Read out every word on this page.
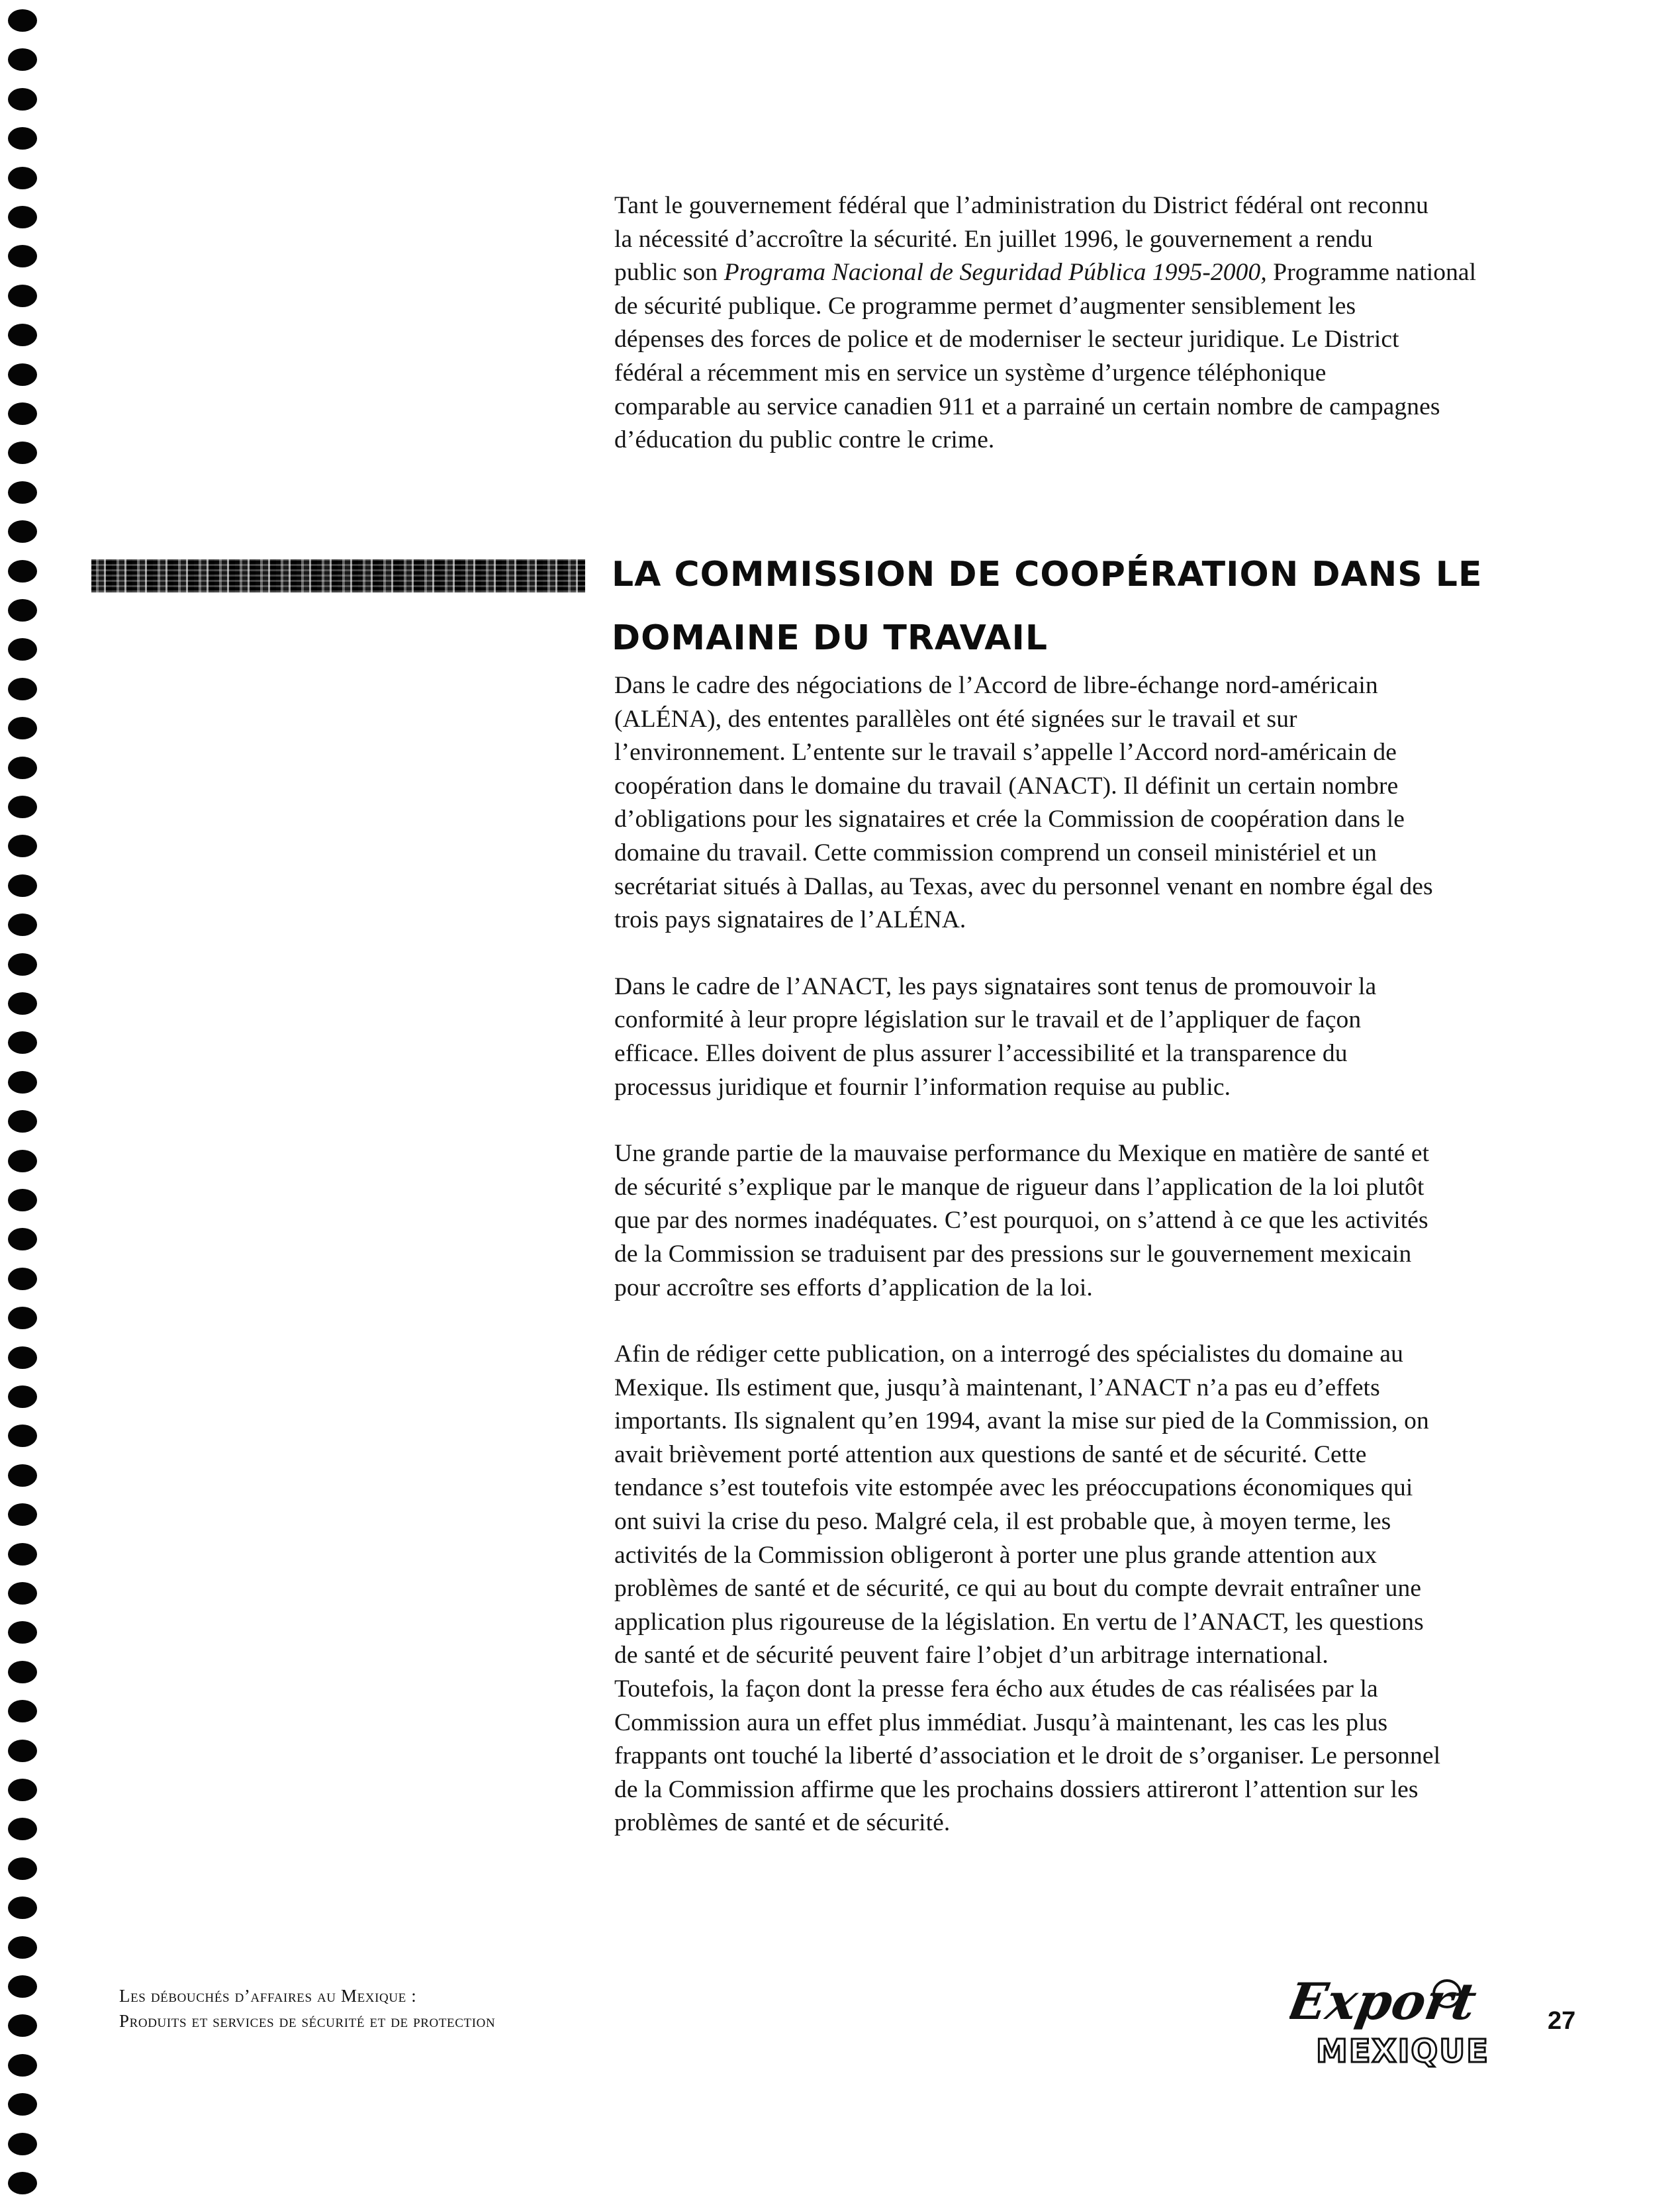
Tant le gouvernement fédéral que l’administration du District fédéral ont reconnu
la nécessité d’accroître la sécurité. En juillet 1996, le gouvernement a rendu
public son Programa Nacional de Seguridad Pública 1995-2000, Programme national
de sécurité publique. Ce programme permet d’augmenter sensiblement les
dépenses des forces de police et de moderniser le secteur juridique. Le District
fédéral a récemment mis en service un système d’urgence téléphonique
comparable au service canadien 911 et a parrainé un certain nombre de campagnes
d’éducation du public contre le crime.

LA COMMISSION DE COOPÉRATION DANS LE
DOMAINE DU TRAVAIL

Dans le cadre des négociations de l’Accord de libre-échange nord-américain
(ALÉNA), des ententes parallèles ont été signées sur le travail et sur
l’environnement. L’entente sur le travail s’appelle l’Accord nord-américain de
coopération dans le domaine du travail (ANACT). Il définit un certain nombre
d’obligations pour les signataires et crée la Commission de coopération dans le
domaine du travail. Cette commission comprend un conseil ministériel et un
secrétariat situés à Dallas, au Texas, avec du personnel venant en nombre égal des
trois pays signataires de l’ALÉNA.

Dans le cadre de l’ANACT, les pays signataires sont tenus de promouvoir la
conformité à leur propre législation sur le travail et de l’appliquer de façon
efficace. Elles doivent de plus assurer l’accessibilité et la transparence du
processus juridique et fournir l’information requise au public.

Une grande partie de la mauvaise performance du Mexique en matière de santé et
de sécurité s’explique par le manque de rigueur dans l’application de la loi plutôt
que par des normes inadéquates. C’est pourquoi, on s’attend à ce que les activités
de la Commission se traduisent par des pressions sur le gouvernement mexicain
pour accroître ses efforts d’application de la loi.

Afin de rédiger cette publication, on a interrogé des spécialistes du domaine au
Mexique. Ils estiment que, jusqu’à maintenant, l’ANACT n’a pas eu d’effets
importants. Ils signalent qu’en 1994, avant la mise sur pied de la Commission, on
avait brièvement porté attention aux questions de santé et de sécurité. Cette
tendance s’est toutefois vite estompée avec les préoccupations économiques qui
ont suivi la crise du peso. Malgré cela, il est probable que, à moyen terme, les
activités de la Commission obligeront à porter une plus grande attention aux
problèmes de santé et de sécurité, ce qui au bout du compte devrait entraîner une
application plus rigoureuse de la législation. En vertu de l’ANACT, les questions
de santé et de sécurité peuvent faire l’objet d’un arbitrage international.
Toutefois, la façon dont la presse fera écho aux études de cas réalisées par la
Commission aura un effet plus immédiat. Jusqu’à maintenant, les cas les plus
frappants ont touché la liberté d’association et le droit de s’organiser. Le personnel
de la Commission affirme que les prochains dossiers attireront l’attention sur les
problèmes de santé et de sécurité.

Les débouchés d’affaires au Mexique :
Produits et services de sécurité et de protection	Export
MEXIQUE
27
